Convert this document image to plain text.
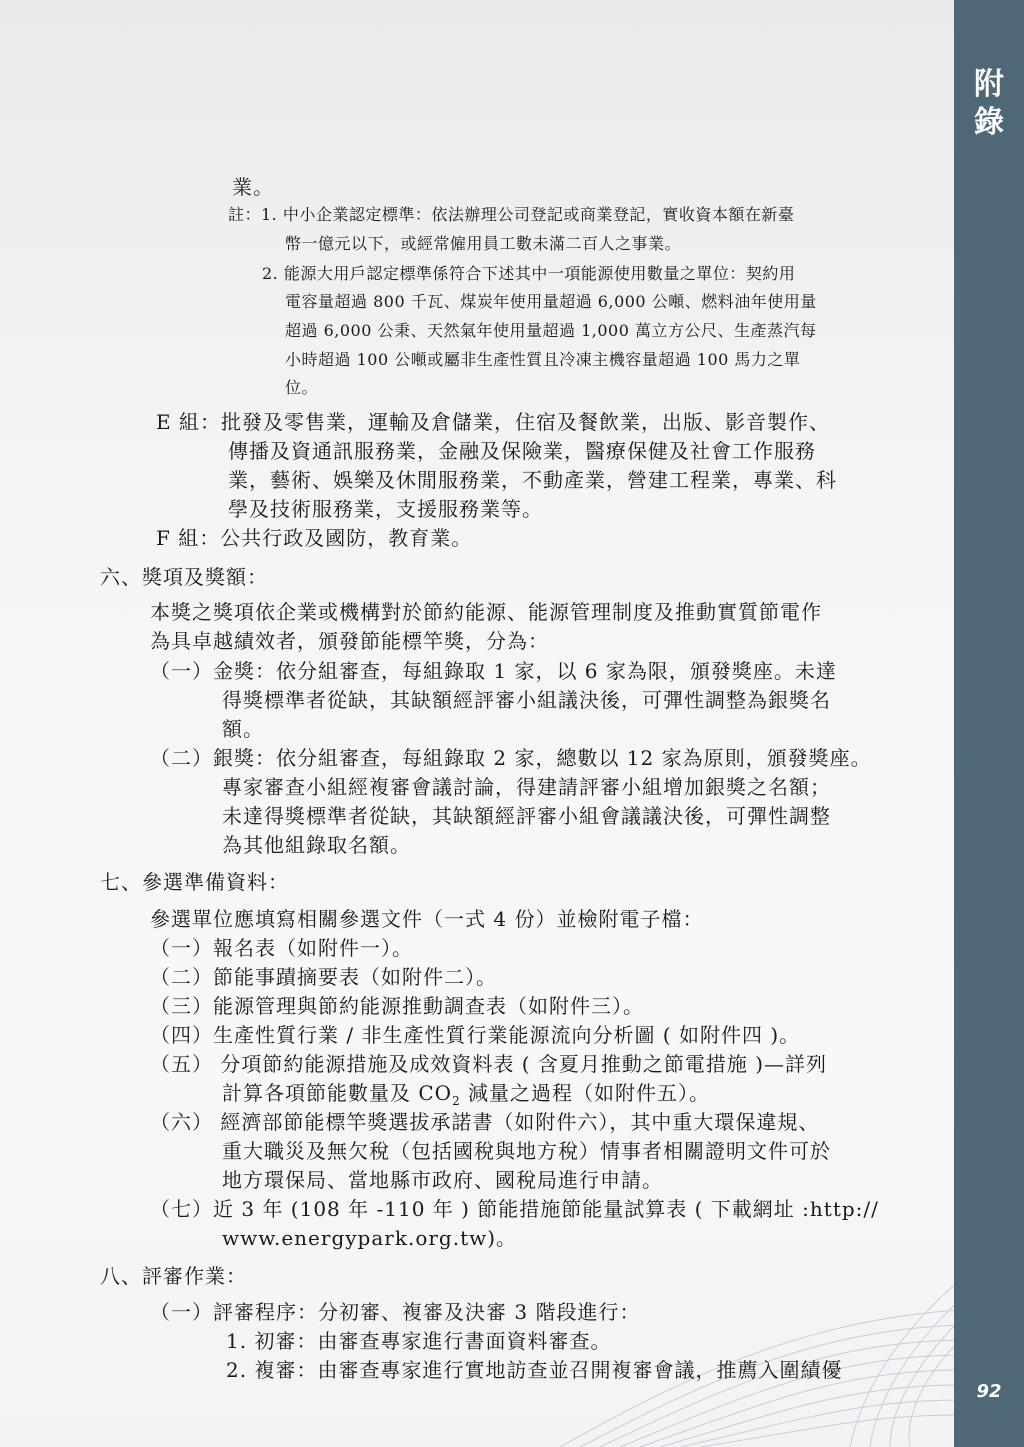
附
錄
92
業。
註：1. 中小企業認定標準：依法辦理公司登記或商業登記，實收資本額在新臺
幣一億元以下，或經常僱用員工數未滿二百人之事業。
2. 能源大用戶認定標準係符合下述其中一項能源使用數量之單位：契約用
電容量超過 800 千瓦、煤炭年使用量超過 6,000 公噸、燃料油年使用量
超過 6,000 公秉、天然氣年使用量超過 1,000 萬立方公尺、生產蒸汽每
小時超過 100 公噸或屬非生產性質且冷凍主機容量超過 100 馬力之單
位。
E 組：批發及零售業，運輸及倉儲業，住宿及餐飲業，出版、影音製作、
傳播及資通訊服務業，金融及保險業，醫療保健及社會工作服務
業，藝術、娛樂及休閒服務業，不動產業，營建工程業，專業、科
學及技術服務業，支援服務業等。
F 組：公共行政及國防，教育業。
六、獎項及獎額：
本獎之獎項依企業或機構對於節約能源、能源管理制度及推動實質節電作
為具卓越績效者，頒發節能標竿獎，分為：
（一）金獎：依分組審查，每組錄取 1 家，以 6 家為限，頒發獎座。未達
得獎標準者從缺，其缺額經評審小組議決後，可彈性調整為銀獎名
額。
（二）銀獎：依分組審查，每組錄取 2 家，總數以 12 家為原則，頒發獎座。
專家審查小組經複審會議討論，得建請評審小組增加銀獎之名額；
未達得獎標準者從缺，其缺額經評審小組會議議決後，可彈性調整
為其他組錄取名額。
七、參選準備資料：
參選單位應填寫相關參選文件（一式 4 份）並檢附電子檔：
（一）報名表（如附件一）。
（二）節能事蹟摘要表（如附件二）。
（三）能源管理與節約能源推動調查表（如附件三）。
（四）生產性質行業 / 非生產性質行業能源流向分析圖 ( 如附件四 )。
（五） 分項節約能源措施及成效資料表 ( 含夏月推動之節電措施 )—詳列
計算各項節能數量及 $CO_2$ 減量之過程（如附件五）。
（六） 經濟部節能標竿獎選拔承諾書（如附件六），其中重大環保違規、
重大職災及無欠稅（包括國稅與地方稅）情事者相關證明文件可於
地方環保局、當地縣市政府、國稅局進行申請。
（七）近 3 年 (108 年 -110 年 ) 節能措施節能量試算表 ( 下載網址 :http://
www.energypark.org.tw)。
八、評審作業：
（一）評審程序：分初審、複審及決審 3 階段進行：
1. 初審：由審查專家進行書面資料審查。
2. 複審：由審查專家進行實地訪查並召開複審會議，推薦入圍績優
